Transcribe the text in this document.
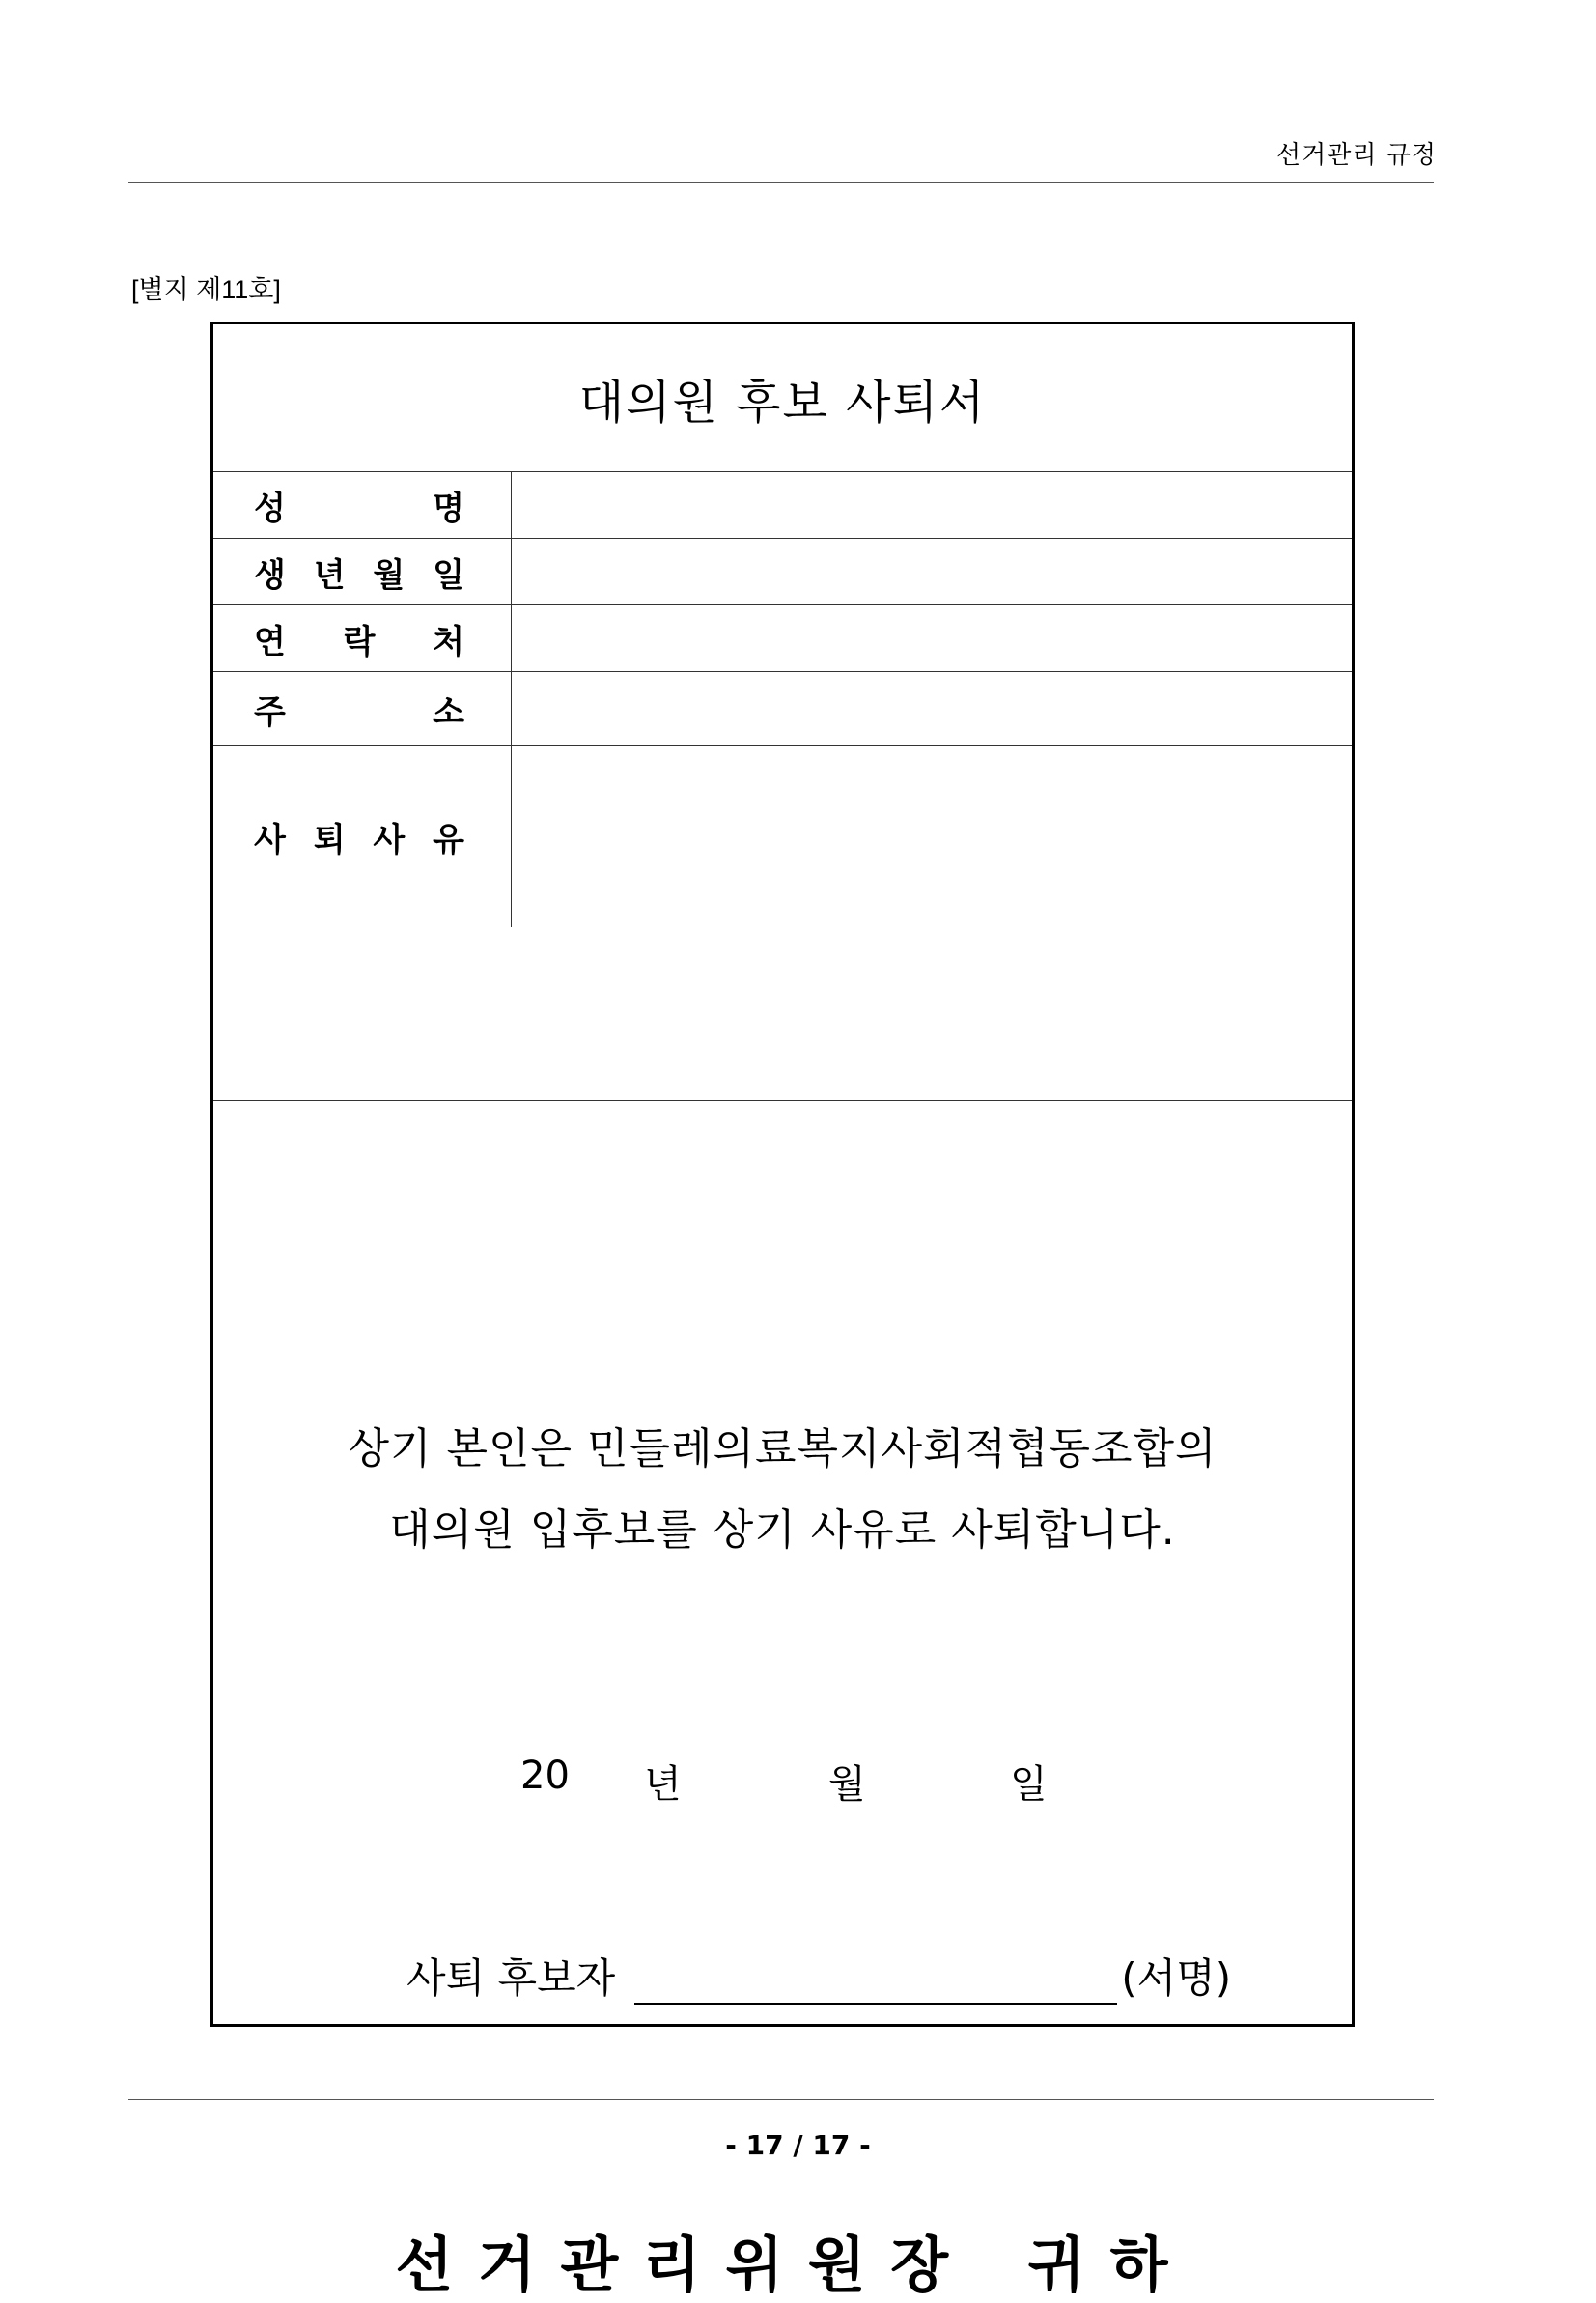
선거관리 규정
[별지 제11호]
대의원 후보 사퇴서
성 명	

생 년 월 일	

연 락 처	

주 소	

사 퇴 사 유	

상기 본인은 민들레의료복지사회적협동조합의
대의원 입후보를 상기 사유로 사퇴합니다.
20 년	월	일
사퇴 후보자	(서명)
선 거 관 리 위 원 장 귀 하
- 17 / 17 -
